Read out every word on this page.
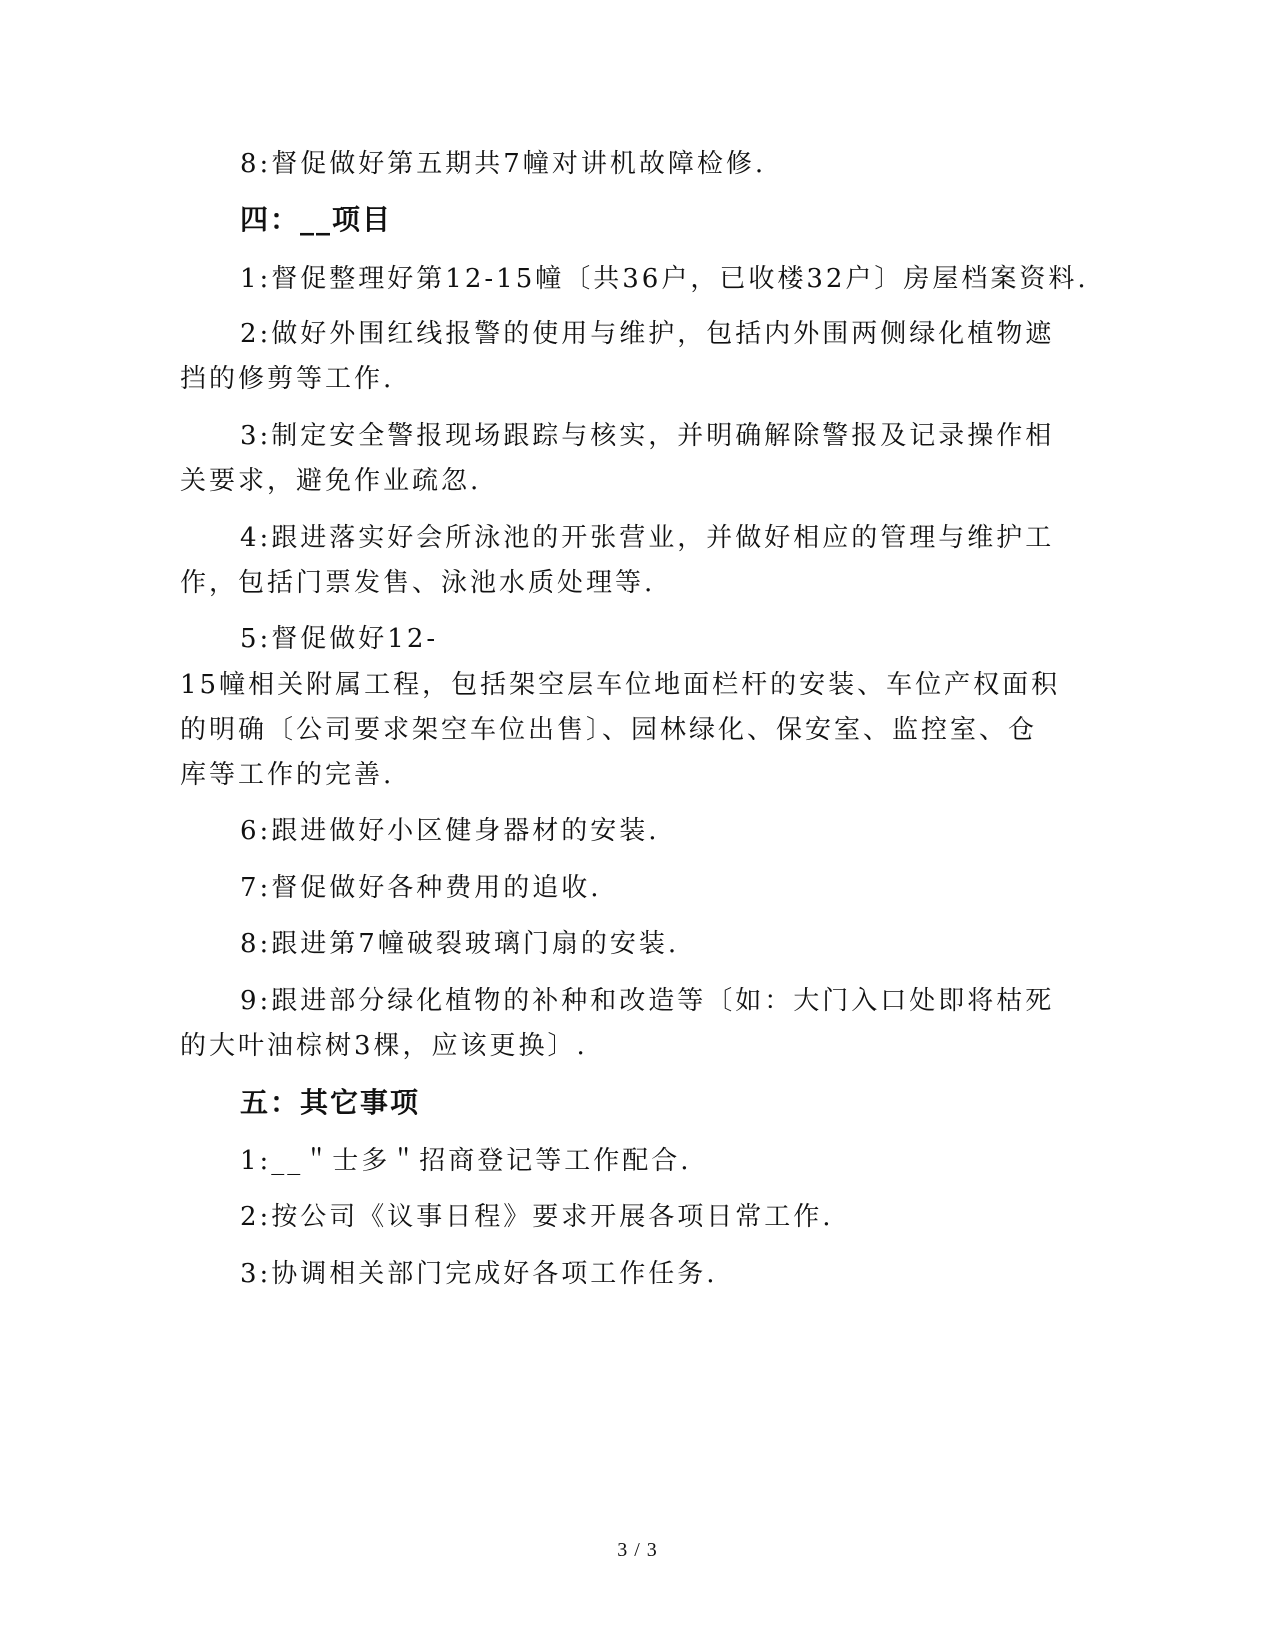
8:督促做好第五期共7幢对讲机故障检修.
四：__项目
1:督促整理好第12-15幢〔共36户，已收楼32户〕房屋档案资料.
2:做好外围红线报警的使用与维护，包括内外围两侧绿化植物遮
挡的修剪等工作.
3:制定安全警报现场跟踪与核实，并明确解除警报及记录操作相
关要求，避免作业疏忽.
4:跟进落实好会所泳池的开张营业，并做好相应的管理与维护工
作，包括门票发售、泳池水质处理等.
5:督促做好12-
15幢相关附属工程，包括架空层车位地面栏杆的安装、车位产权面积
的明确〔公司要求架空车位出售〕、园林绿化、保安室、监控室、仓
库等工作的完善.
6:跟进做好小区健身器材的安装.
7:督促做好各种费用的追收.
8:跟进第7幢破裂玻璃门扇的安装.
9:跟进部分绿化植物的补种和改造等〔如：大门入口处即将枯死
的大叶油棕树3棵，应该更换〕.
五：其它事项
1:__＂士多＂招商登记等工作配合.
2:按公司《议事日程》要求开展各项日常工作.
3:协调相关部门完成好各项工作任务.
3 / 3
